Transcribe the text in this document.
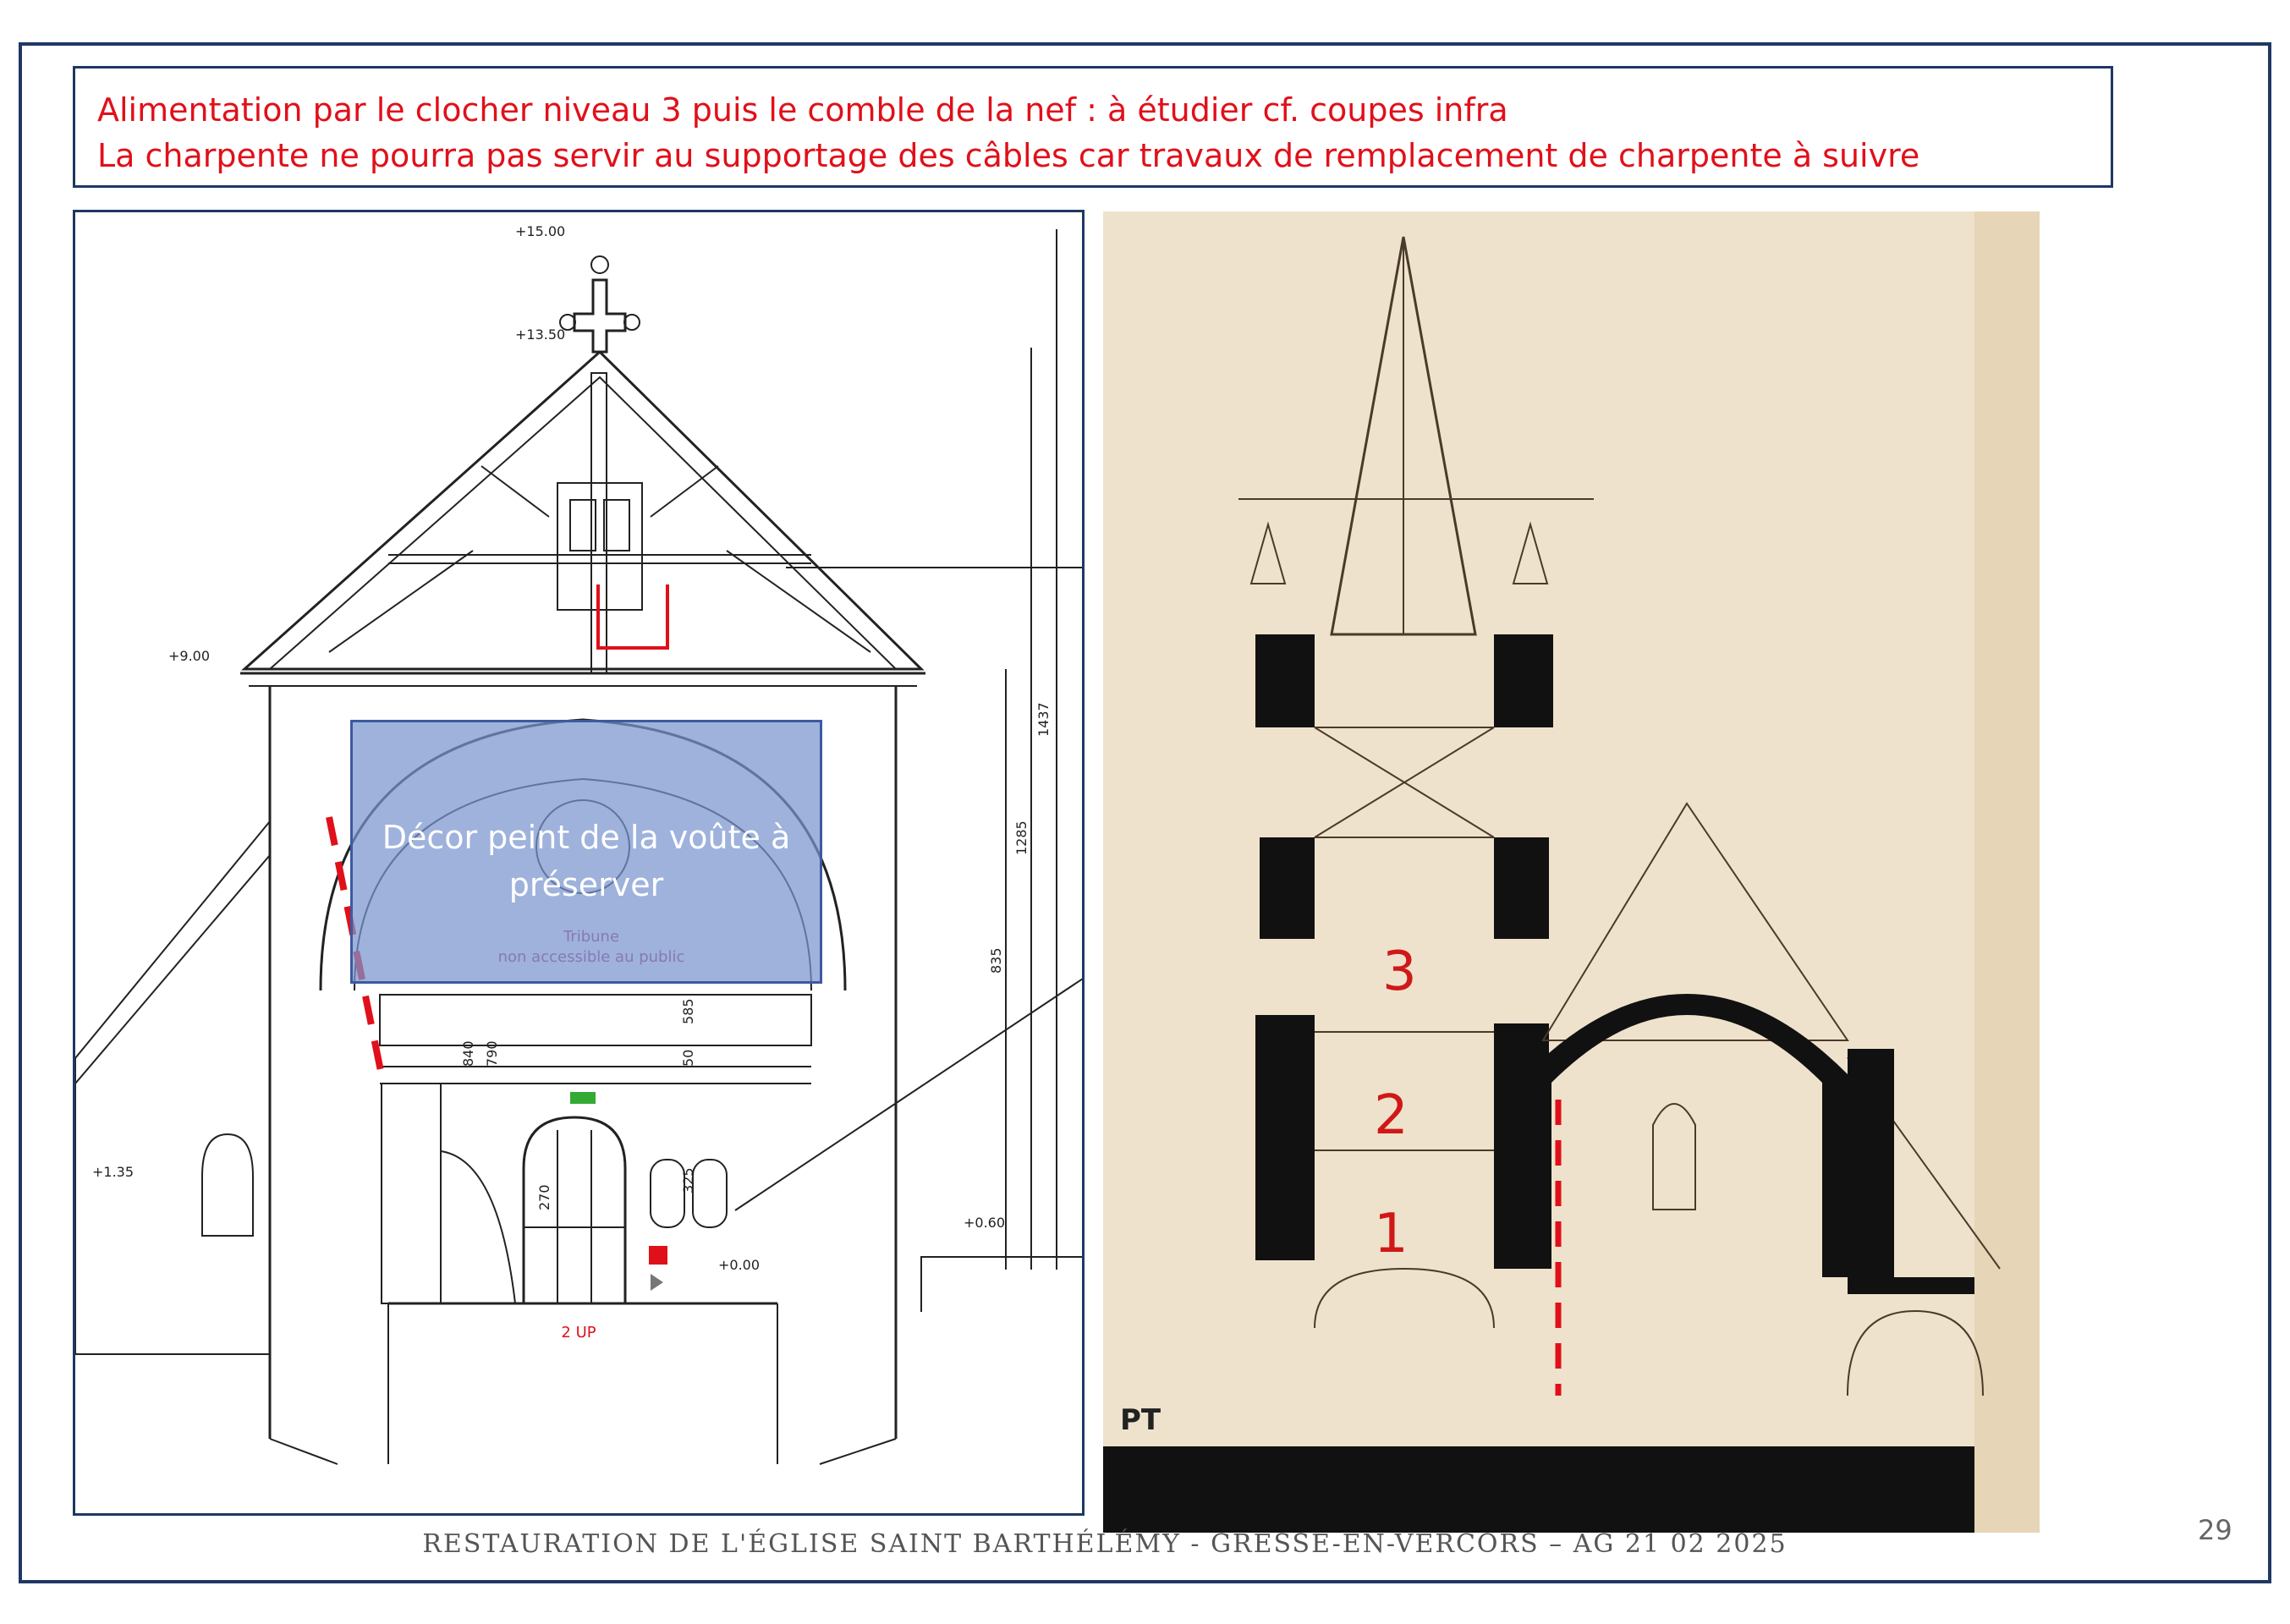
Alimentation par le clocher niveau 3 puis le comble de la nef : à étudier cf. coupes infra
La charpente ne pourra pas servir au supportage des câbles car travaux de remplacement de charpente à suivre
+15.00
+13.50
+9.00
+1.35
+0.60
+0.00
1437
1285
835
840 790
585
50
325
270
2 UP
Décor peint de la voûte à préserver
3
2
1
PT
RESTAURATION DE L'ÉGLISE SAINT BARTHÉLÉMY - GRESSE-EN-VERCORS – AG 21 02 2025	29
